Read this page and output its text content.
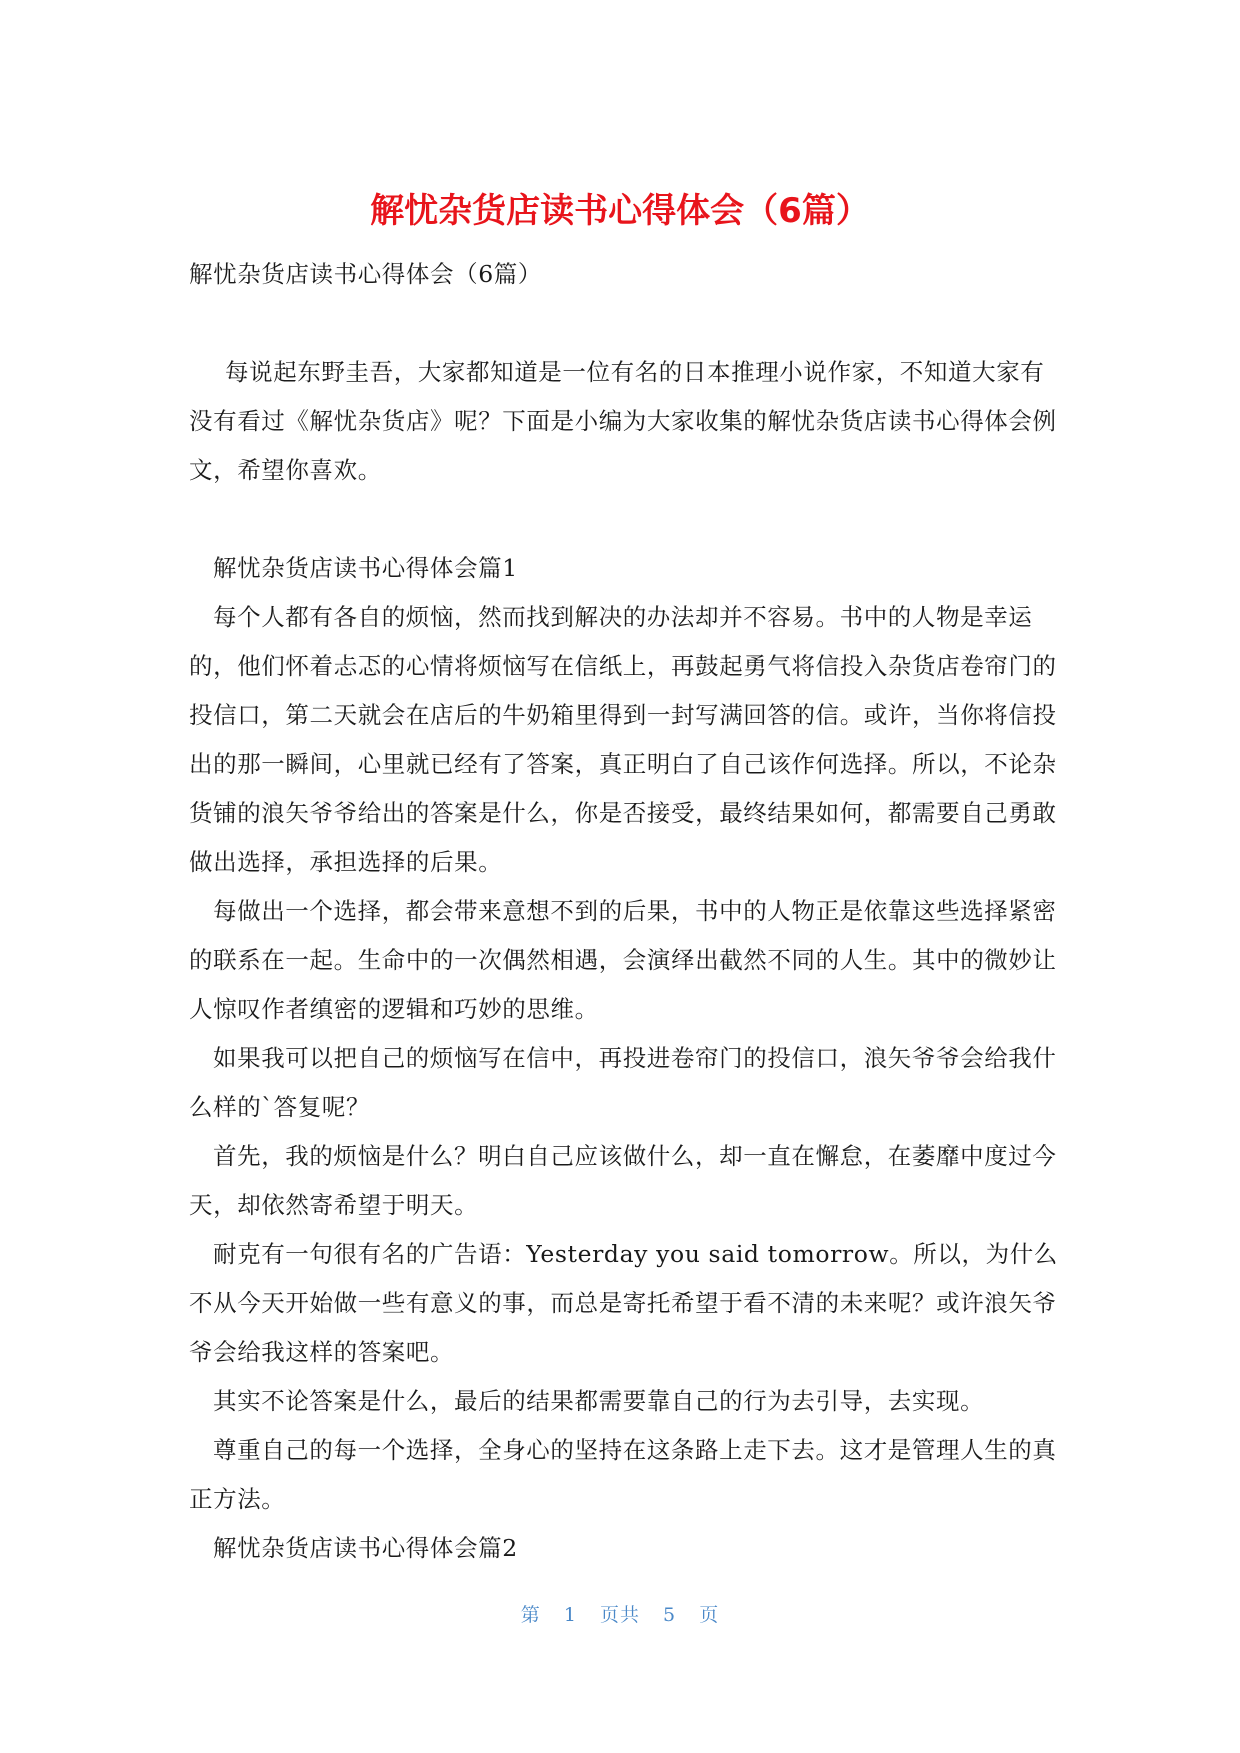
解忧杂货店读书心得体会（6篇）

解忧杂货店读书心得体会（6篇）

每说起东野圭吾，大家都知道是一位有名的日本推理小说作家，不知道大家有没有看过《解忧杂货店》呢？下面是小编为大家收集的解忧杂货店读书心得体会例文，希望你喜欢。

解忧杂货店读书心得体会篇1

每个人都有各自的烦恼，然而找到解决的办法却并不容易。书中的人物是幸运的，他们怀着忐忑的心情将烦恼写在信纸上，再鼓起勇气将信投入杂货店卷帘门的投信口，第二天就会在店后的牛奶箱里得到一封写满回答的信。或许，当你将信投出的那一瞬间，心里就已经有了答案，真正明白了自己该作何选择。所以，不论杂货铺的浪矢爷爷给出的答案是什么，你是否接受，最终结果如何，都需要自己勇敢做出选择，承担选择的后果。

每做出一个选择，都会带来意想不到的后果，书中的人物正是依靠这些选择紧密的联系在一起。生命中的一次偶然相遇，会演绎出截然不同的人生。其中的微妙让人惊叹作者缜密的逻辑和巧妙的思维。

如果我可以把自己的烦恼写在信中，再投进卷帘门的投信口，浪矢爷爷会给我什么样的`答复呢？

首先，我的烦恼是什么？明白自己应该做什么，却一直在懈怠，在萎靡中度过今天，却依然寄希望于明天。

耐克有一句很有名的广告语：Yesterday you said tomorrow。所以，为什么不从今天开始做一些有意义的事，而总是寄托希望于看不清的未来呢？或许浪矢爷爷会给我这样的答案吧。

其实不论答案是什么，最后的结果都需要靠自己的行为去引导，去实现。

尊重自己的每一个选择，全身心的坚持在这条路上走下去。这才是管理人生的真正方法。

解忧杂货店读书心得体会篇2

第 1 页共 5 页
